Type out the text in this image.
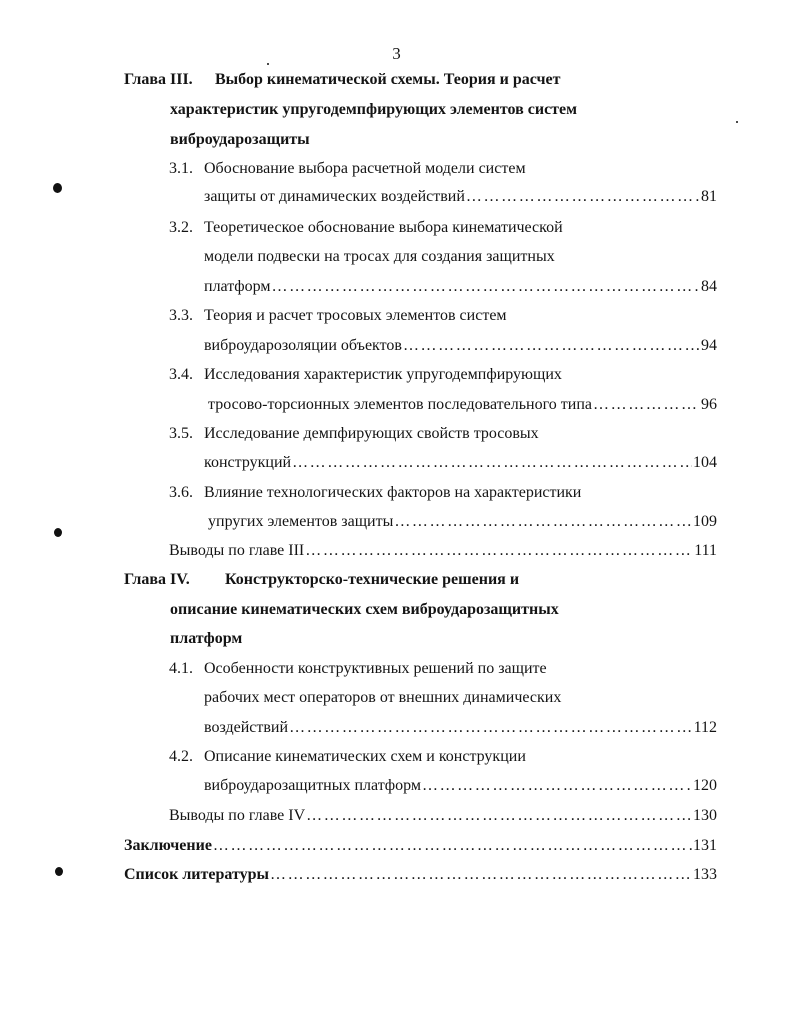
3
Глава III. Выбор кинематической схемы. Теория и расчет
характеристик упругодемпфирующих элементов систем
виброударозащиты
3.1. Обоснование выбора расчетной модели систем
защиты от динамических воздействий …………………………………………………………………………………………………………………………………………………………………	81
3.2. Теоретическое обоснование выбора кинематической
модели подвески на тросах для создания защитных
платформ …………………………………………………………………………………………………………………………………………………………………	84
3.3. Теория и расчет тросовых элементов систем
виброударозоляции объектов …………………………………………………………………………………………………………………………………………………………………	94
3.4. Исследования характеристик упругодемпфирующих
тросово-торсионных элементов последовательного типа …………………………………………………………………………………………………………………………………………………………………	96
3.5. Исследование демпфирующих свойств тросовых
конструкций …………………………………………………………………………………………………………………………………………………………………	104
3.6. Влияние технологических факторов на характеристики
упругих элементов защиты …………………………………………………………………………………………………………………………………………………………………	109
Выводы по главе III …………………………………………………………………………………………………………………………………………………………………	111
Глава IV. Конструкторско-технические решения и
описание кинематических схем виброударозащитных
платформ
4.1. Особенности конструктивных решений по защите
рабочих мест операторов от внешних динамических
воздействий …………………………………………………………………………………………………………………………………………………………………	112
4.2. Описание кинематических схем и конструкции
виброударозащитных платформ …………………………………………………………………………………………………………………………………………………………………	120
Выводы по главе IV …………………………………………………………………………………………………………………………………………………………………	130
Заключение …………………………………………………………………………………………………………………………………………………………………	131
Список литературы …………………………………………………………………………………………………………………………………………………………………	133
